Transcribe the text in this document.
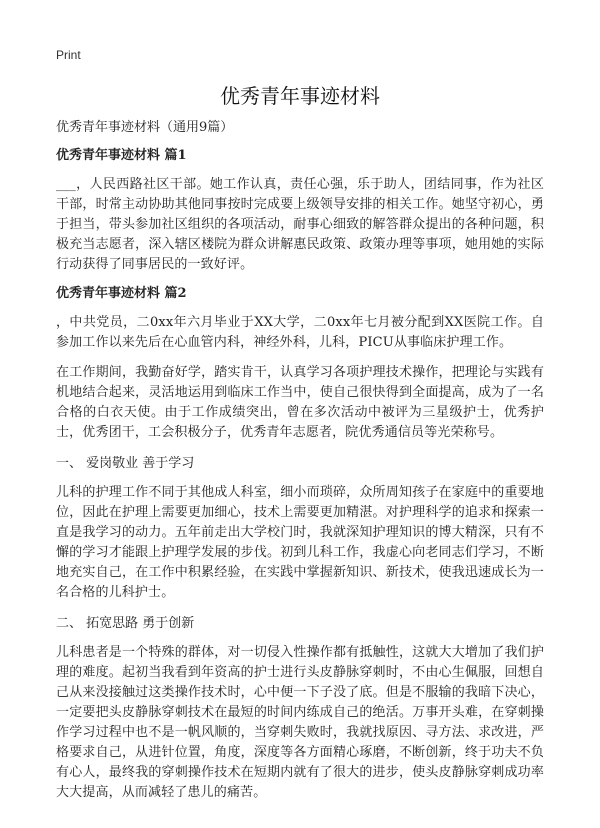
Print
优秀青年事迹材料
优秀青年事迹材料（通用9篇）
优秀青年事迹材料 篇1

___，人民西路社区干部。她工作认真，责任心强，乐于助人，团结同事，作为社区干部，时常主动协助其他同事按时完成要上级领导安排的相关工作。她坚守初心，勇于担当，带头参加社区组织的各项活动，耐事心细致的解答群众提出的各种问题，积极充当志愿者，深入辖区楼院为群众讲解惠民政策、政策办理等事项，她用她的实际行动获得了同事居民的一致好评。

优秀青年事迹材料 篇2

，中共党员，二0xx年六月毕业于XX大学，二0xx年七月被分配到XX医院工作。自参加工作以来先后在心血管内科，神经外科，儿科，PICU从事临床护理工作。

在工作期间，我勤奋好学，踏实肯干，认真学习各项护理技术操作，把理论与实践有机地结合起来，灵活地运用到临床工作当中，使自己很快得到全面提高，成为了一名合格的白衣天使。由于工作成绩突出，曾在多次活动中被评为三星级护士，优秀护士，优秀团干，工会积极分子，优秀青年志愿者，院优秀通信员等光荣称号。

一、 爱岗敬业 善于学习

儿科的护理工作不同于其他成人科室，细小而琐碎，众所周知孩子在家庭中的重要地位，因此在护理上需要更加细心，技术上需要更加精湛。对护理科学的追求和探索一直是我学习的动力。五年前走出大学校门时，我就深知护理知识的博大精深，只有不懈的学习才能跟上护理学发展的步伐。初到儿科工作，我虚心向老同志们学习，不断地充实自己，在工作中积累经验，在实践中掌握新知识、新技术，使我迅速成长为一名合格的儿科护士。

二、 拓宽思路 勇于创新

儿科患者是一个特殊的群体，对一切侵入性操作都有抵触性，这就大大增加了我们护理的难度。起初当我看到年资高的护士进行头皮静脉穿刺时，不由心生佩服，回想自己从来没接触过这类操作技术时，心中便一下子没了底。但是不服输的我暗下决心，一定要把头皮静脉穿刺技术在最短的时间内练成自己的绝活。万事开头难，在穿刺操作学习过程中也不是一帆风顺的，当穿刺失败时，我就找原因、寻方法、求改进，严格要求自己，从进针位置，角度，深度等各方面精心琢磨，不断创新，终于功夫不负有心人，最终我的穿刺操作技术在短期内就有了很大的进步，使头皮静脉穿刺成功率大大提高，从而减轻了患儿的痛苦。
